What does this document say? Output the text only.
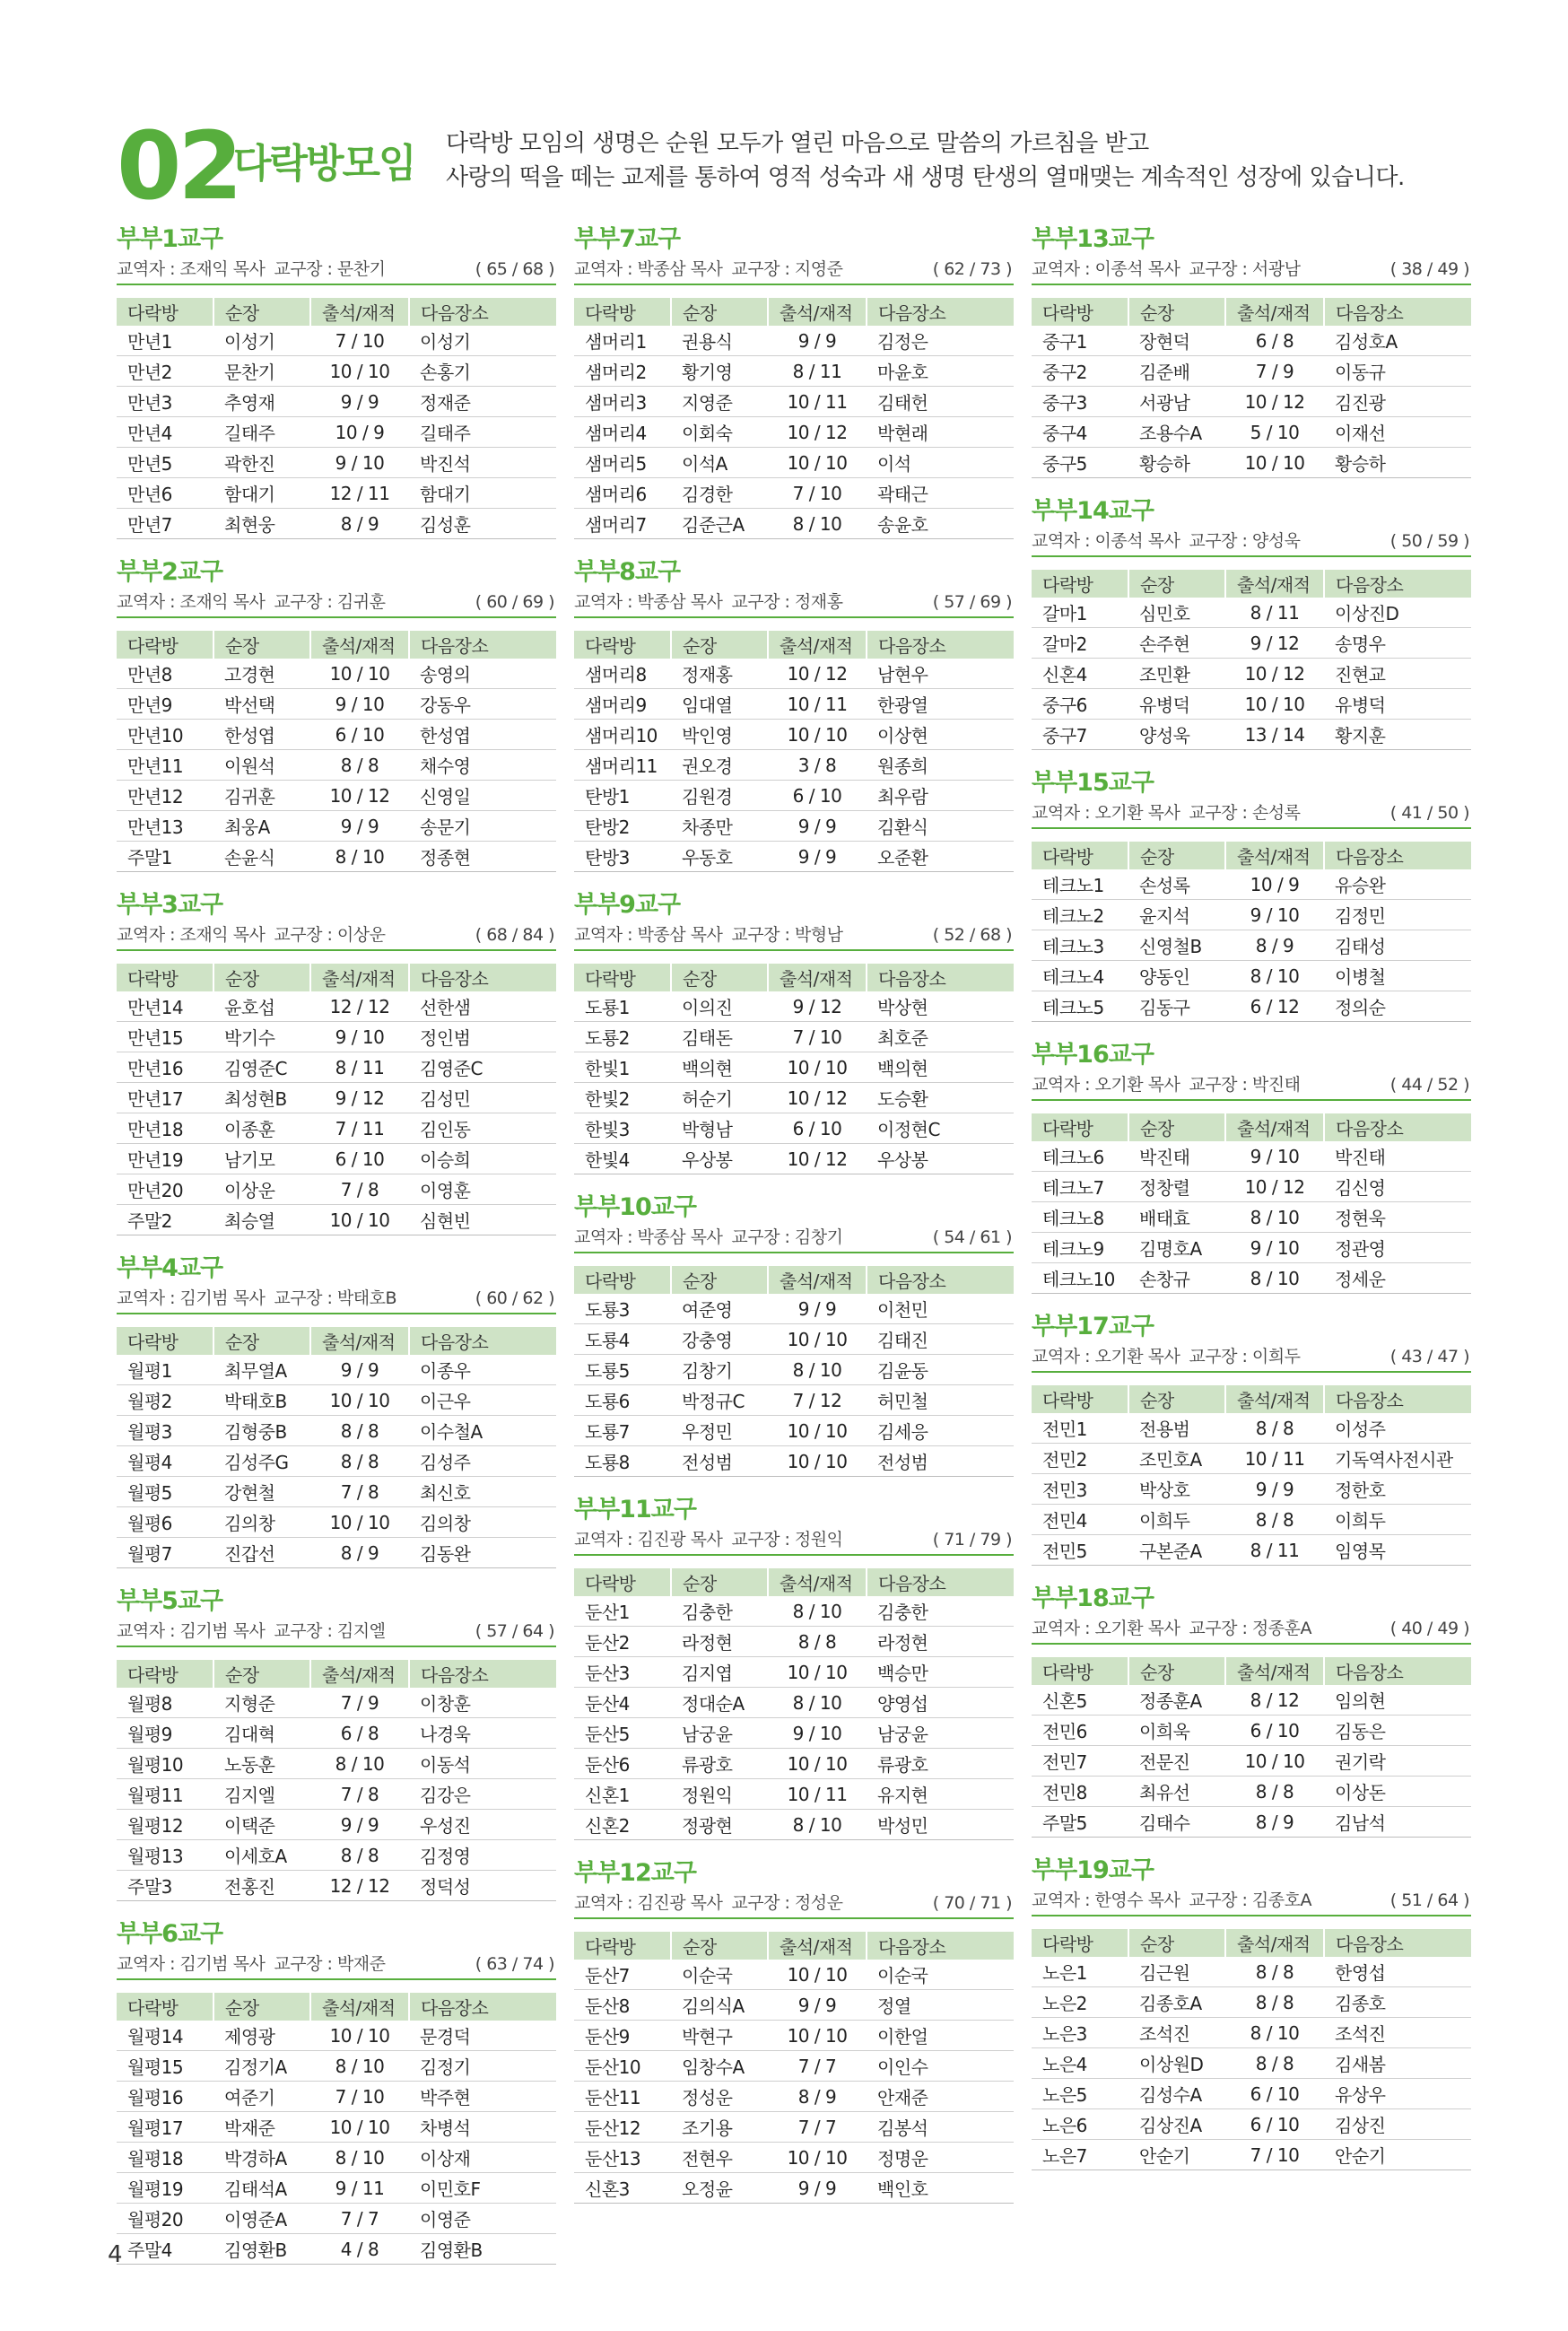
02
다락방모임 다락방 모임의 생명은 순원 모두가 열린 마음으로 말씀의 가르침을 받고
사랑의 떡을 떼는 교제를 통하여 영적 성숙과 새 생명 탄생의 열매맺는 계속적인 성장에 있습니다.
부부1교구
교역자 : 조재익 목사 교구장 : 문찬기	( 65 / 68 )
다락방	순장	출석/재적	다음장소
만년1	이성기	7 / 10	이성기
만년2	문찬기	10 / 10	손홍기
만년3	추영재	9 / 9	정재준
만년4	길태주	10 / 9	길태주
만년5	곽한진	9 / 10	박진석
만년6	함대기	12 / 11	함대기
만년7	최현웅	8 / 9	김성훈
부부2교구
교역자 : 조재익 목사 교구장 : 김귀훈	( 60 / 69 )
다락방	순장	출석/재적	다음장소
만년8	고경현	10 / 10	송영의
만년9	박선택	9 / 10	강동우
만년10	한성엽	6 / 10	한성엽
만년11	이원석	8 / 8	채수영
만년12	김귀훈	10 / 12	신영일
만년13	최웅A	9 / 9	송문기
주말1	손윤식	8 / 10	정종현
부부3교구
교역자 : 조재익 목사 교구장 : 이상운	( 68 / 84 )
다락방	순장	출석/재적	다음장소
만년14	윤호섭	12 / 12	선한샘
만년15	박기수	9 / 10	정인범
만년16	김영준C	8 / 11	김영준C
만년17	최성현B	9 / 12	김성민
만년18	이종훈	7 / 11	김인동
만년19	남기모	6 / 10	이승희
만년20	이상운	7 / 8	이영훈
주말2	최승열	10 / 10	심현빈
부부4교구
교역자 : 김기범 목사 교구장 : 박태호B	( 60 / 62 )
다락방	순장	출석/재적	다음장소
월평1	최무열A	9 / 9	이종우
월평2	박태호B	10 / 10	이근우
월평3	김형중B	8 / 8	이수철A
월평4	김성주G	8 / 8	김성주
월평5	강현철	7 / 8	최신호
월평6	김의창	10 / 10	김의창
월평7	진갑선	8 / 9	김동완
부부5교구
교역자 : 김기범 목사 교구장 : 김지엘	( 57 / 64 )
다락방	순장	출석/재적	다음장소
월평8	지형준	7 / 9	이창훈
월평9	김대혁	6 / 8	나경욱
월평10	노동훈	8 / 10	이동석
월평11	김지엘	7 / 8	김강은
월평12	이택준	9 / 9	우성진
월평13	이세호A	8 / 8	김정영
주말3	전홍진	12 / 12	정덕성
부부6교구
교역자 : 김기범 목사 교구장 : 박재준	( 63 / 74 )
다락방	순장	출석/재적	다음장소
월평14	제영광	10 / 10	문경덕
월평15	김정기A	8 / 10	김정기
월평16	여준기	7 / 10	박주현
월평17	박재준	10 / 10	차병석
월평18	박경하A	8 / 10	이상재
월평19	김태석A	9 / 11	이민호F
월평20	이영준A	7 / 7	이영준
주말4	김영환B	4 / 8	김영환B
부부7교구
교역자 : 박종삼 목사 교구장 : 지영준	( 62 / 73 )
다락방	순장	출석/재적	다음장소
샘머리1	권용식	9 / 9	김정은
샘머리2	황기영	8 / 11	마윤호
샘머리3	지영준	10 / 11	김태헌
샘머리4	이회숙	10 / 12	박현래
샘머리5	이석A	10 / 10	이석
샘머리6	김경한	7 / 10	곽태근
샘머리7	김준근A	8 / 10	송윤호
부부8교구
교역자 : 박종삼 목사 교구장 : 정재홍	( 57 / 69 )
다락방	순장	출석/재적	다음장소
샘머리8	정재홍	10 / 12	남현우
샘머리9	임대열	10 / 11	한광열
샘머리10	박인영	10 / 10	이상현
샘머리11	권오경	3 / 8	원종희
탄방1	김원경	6 / 10	최우람
탄방2	차종만	9 / 9	김환식
탄방3	우동호	9 / 9	오준환
부부9교구
교역자 : 박종삼 목사 교구장 : 박형남	( 52 / 68 )
다락방	순장	출석/재적	다음장소
도룡1	이의진	9 / 12	박상현
도룡2	김태돈	7 / 10	최호준
한빛1	백의현	10 / 10	백의현
한빛2	허순기	10 / 12	도승환
한빛3	박형남	6 / 10	이정현C
한빛4	우상봉	10 / 12	우상봉
부부10교구
교역자 : 박종삼 목사 교구장 : 김창기	( 54 / 61 )
다락방	순장	출석/재적	다음장소
도룡3	여준영	9 / 9	이천민
도룡4	강충영	10 / 10	김태진
도룡5	김창기	8 / 10	김윤동
도룡6	박정규C	7 / 12	허민철
도룡7	우정민	10 / 10	김세응
도룡8	전성범	10 / 10	전성범
부부11교구
교역자 : 김진광 목사 교구장 : 정원익	( 71 / 79 )
다락방	순장	출석/재적	다음장소
둔산1	김충한	8 / 10	김충한
둔산2	라정현	8 / 8	라정현
둔산3	김지엽	10 / 10	백승만
둔산4	정대순A	8 / 10	양영섭
둔산5	남궁윤	9 / 10	남궁윤
둔산6	류광호	10 / 10	류광호
신혼1	정원익	10 / 11	유지현
신혼2	정광현	8 / 10	박성민
부부12교구
교역자 : 김진광 목사 교구장 : 정성운	( 70 / 71 )
다락방	순장	출석/재적	다음장소
둔산7	이순국	10 / 10	이순국
둔산8	김의식A	9 / 9	정열
둔산9	박현구	10 / 10	이한얼
둔산10	임창수A	7 / 7	이인수
둔산11	정성운	8 / 9	안재준
둔산12	조기용	7 / 7	김봉석
둔산13	전현우	10 / 10	정명운
신혼3	오정윤	9 / 9	백인호
부부13교구
교역자 : 이종석 목사 교구장 : 서광남	( 38 / 49 )
다락방	순장	출석/재적	다음장소
중구1	장현덕	6 / 8	김성호A
중구2	김준배	7 / 9	이동규
중구3	서광남	10 / 12	김진광
중구4	조용수A	5 / 10	이재선
중구5	황승하	10 / 10	황승하
부부14교구
교역자 : 이종석 목사 교구장 : 양성욱	( 50 / 59 )
다락방	순장	출석/재적	다음장소
갈마1	심민호	8 / 11	이상진D
갈마2	손주현	9 / 12	송명우
신혼4	조민환	10 / 12	진현교
중구6	유병덕	10 / 10	유병덕
중구7	양성욱	13 / 14	황지훈
부부15교구
교역자 : 오기환 목사 교구장 : 손성록	( 41 / 50 )
다락방	순장	출석/재적	다음장소
테크노1	손성록	10 / 9	유승완
테크노2	윤지석	9 / 10	김정민
테크노3	신영철B	8 / 9	김태성
테크노4	양동인	8 / 10	이병철
테크노5	김동구	6 / 12	정의순
부부16교구
교역자 : 오기환 목사 교구장 : 박진태	( 44 / 52 )
다락방	순장	출석/재적	다음장소
테크노6	박진태	9 / 10	박진태
테크노7	정창렬	10 / 12	김신영
테크노8	배태효	8 / 10	정현욱
테크노9	김명호A	9 / 10	정관영
테크노10	손창규	8 / 10	정세운
부부17교구
교역자 : 오기환 목사 교구장 : 이희두	( 43 / 47 )
다락방	순장	출석/재적	다음장소
전민1	전용범	8 / 8	이성주
전민2	조민호A	10 / 11	기독역사전시관
전민3	박상호	9 / 9	정한호
전민4	이희두	8 / 8	이희두
전민5	구본준A	8 / 11	임영목
부부18교구
교역자 : 오기환 목사 교구장 : 정종훈A	( 40 / 49 )
다락방	순장	출석/재적	다음장소
신혼5	정종훈A	8 / 12	임의현
전민6	이희욱	6 / 10	김동은
전민7	전문진	10 / 10	권기락
전민8	최유선	8 / 8	이상돈
주말5	김태수	8 / 9	김남석
부부19교구
교역자 : 한영수 목사 교구장 : 김종호A	( 51 / 64 )
다락방	순장	출석/재적	다음장소
노은1	김근원	8 / 8	한영섭
노은2	김종호A	8 / 8	김종호
노은3	조석진	8 / 10	조석진
노은4	이상원D	8 / 8	김새봄
노은5	김성수A	6 / 10	유상우
노은6	김상진A	6 / 10	김상진
노은7	안순기	7 / 10	안순기
4
